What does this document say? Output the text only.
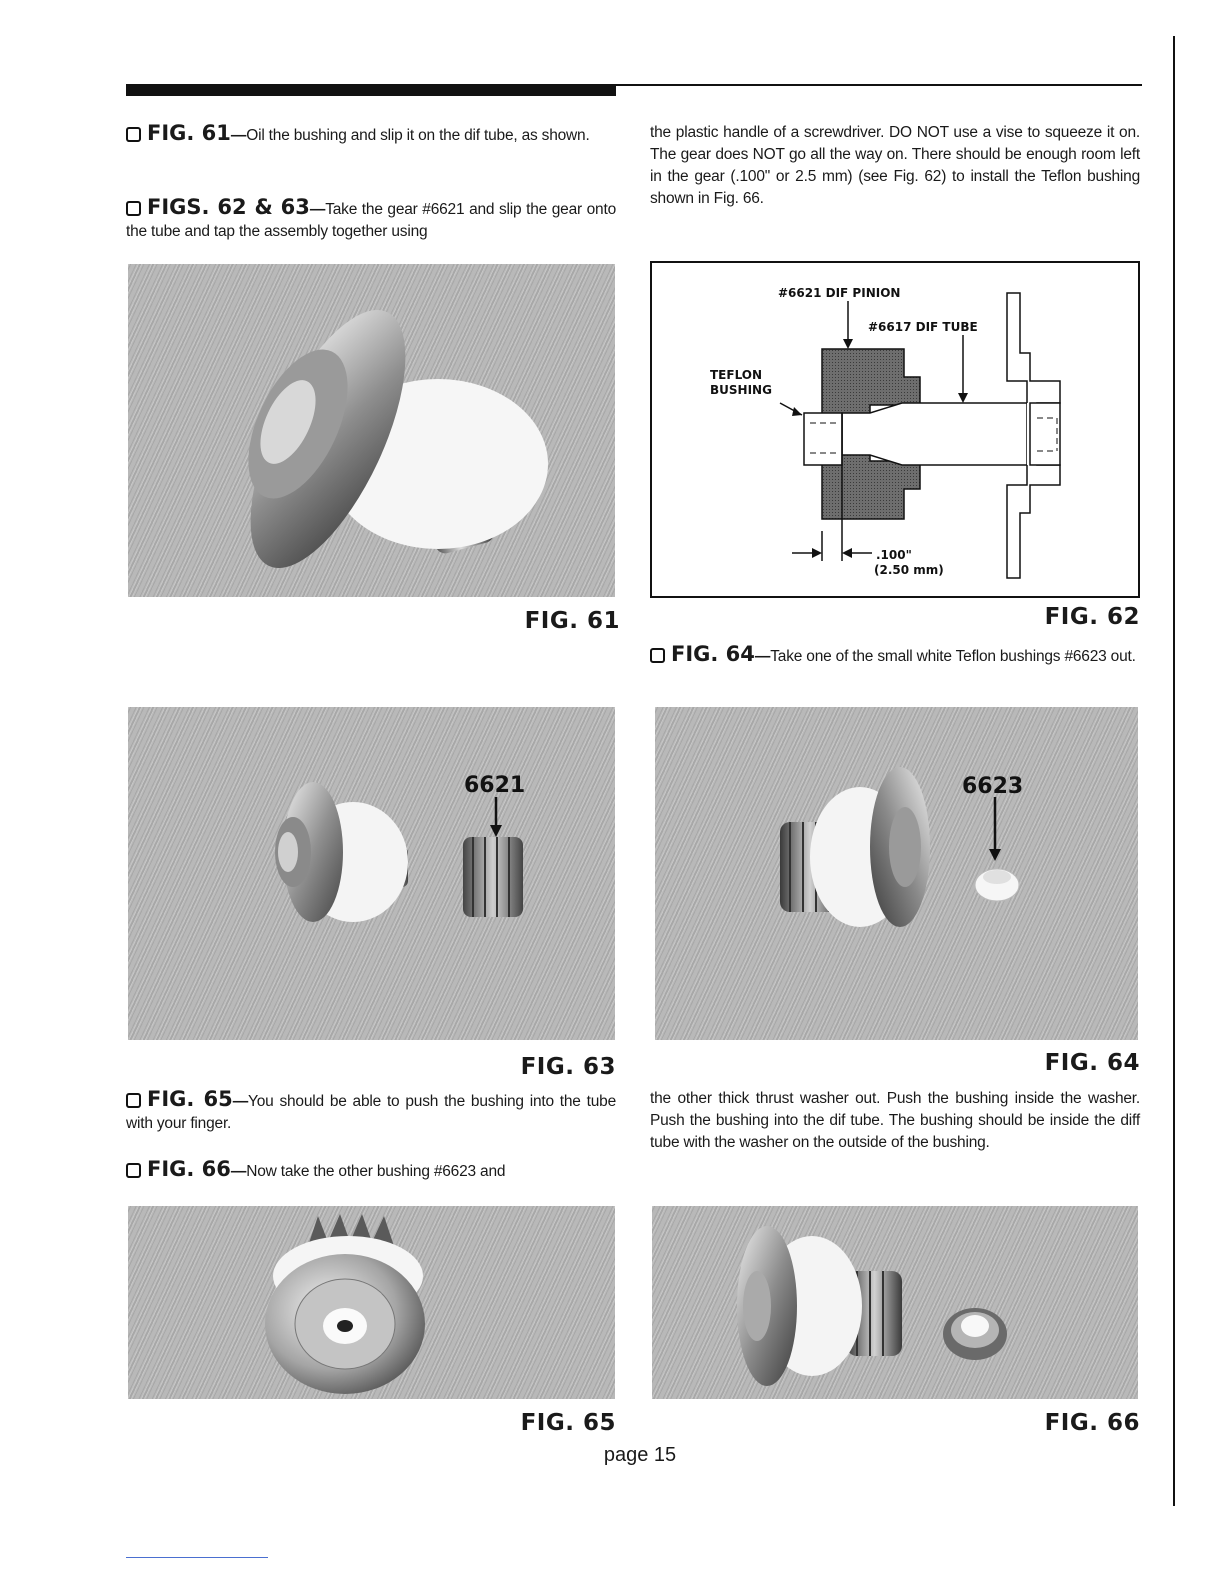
FIG. 61—Oil the bushing and slip it on the dif tube, as shown.
FIGS. 62 & 63—Take the gear #6621 and slip the gear onto the tube and tap the assembly together using
the plastic handle of a screwdriver. DO NOT use a vise to squeeze it on. The gear does NOT go all the way on. There should be enough room left in the gear (.100" or 2.5 mm) (see Fig. 62) to install the Teflon bushing shown in Fig. 66.
FIG. 61
#6621 DIF PINION
#6617 DIF TUBE
TEFLON
BUSHING
.100"
(2.50 mm)
FIG. 62
FIG. 64—Take one of the small white Teflon bushings #6623 out.
6621
FIG. 63
6623
FIG. 64
FIG. 65—You should be able to push the bushing into the tube with your finger.
FIG. 66—Now take the other bushing #6623 and
the other thick thrust washer out. Push the bushing inside the washer. Push the bushing into the dif tube. The bushing should be inside the diff tube with the washer on the outside of the bushing.
FIG. 65	FIG. 66
page 15
